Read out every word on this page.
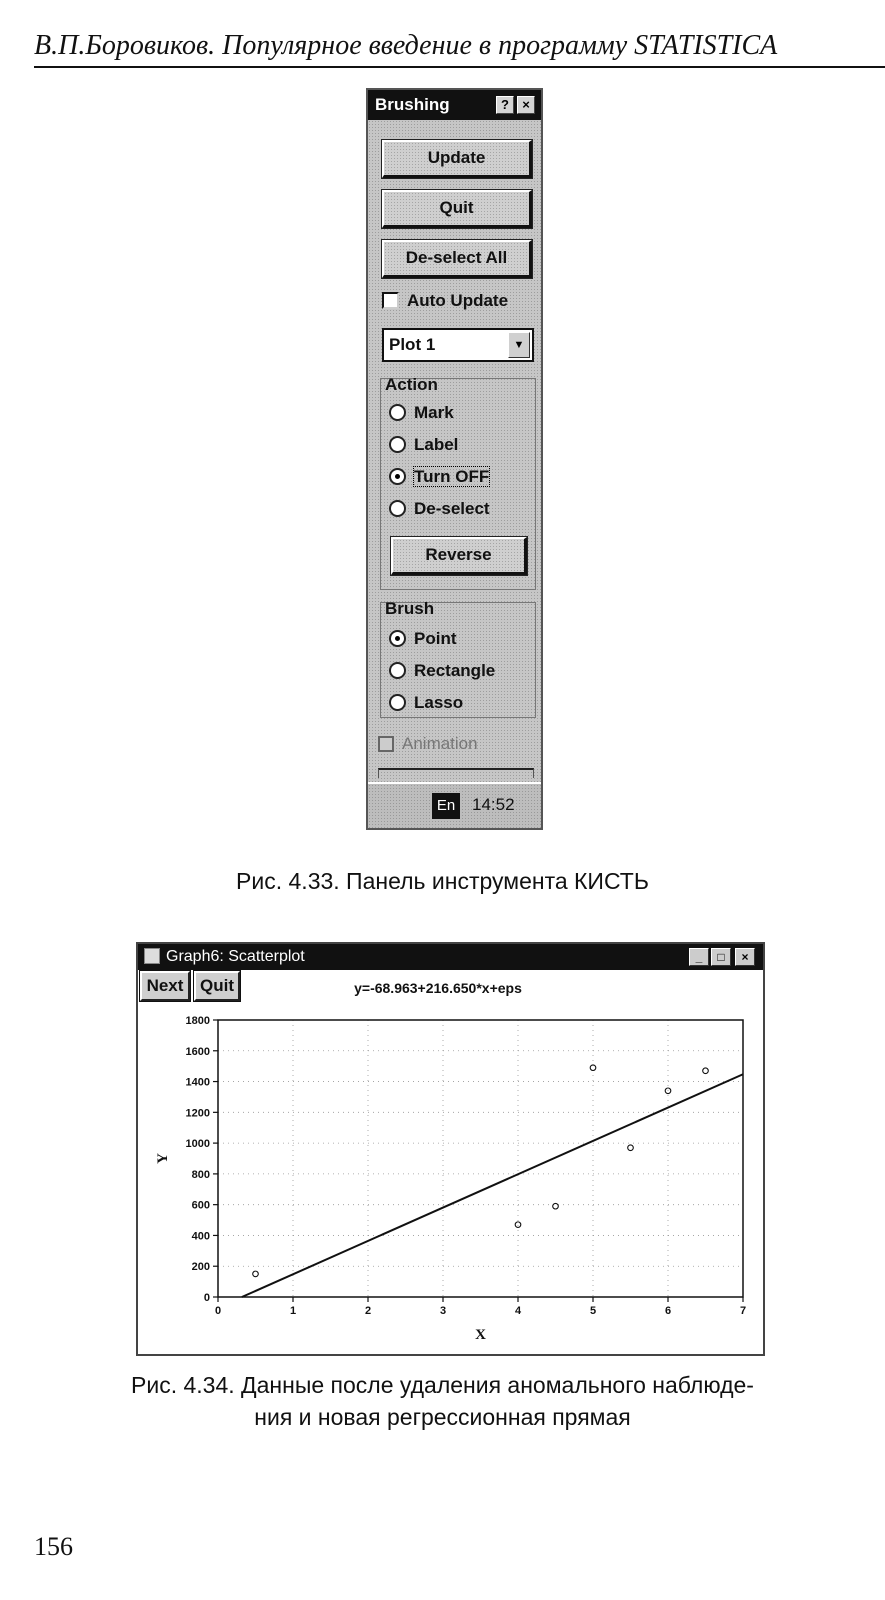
В.П.Боровиков. Популярное введение в программу STATISTICA
Brushing	?	×
Update
Quit
De-select All
Auto Update
Plot 1	▼
Action
Mark
Label
Turn OFF
De-select
Reverse
Brush
Point
Rectangle
Lasso
Animation
En 14:52
Рис. 4.33. Панель инструмента КИСТЬ
Graph6: Scatterplot	_	□	×
Next Quit	y=-68.963+216.650*x+eps
0	1	2	3	4	5	6	7
0
200
400
600
800
1000
1200
1400
1600
1800
X
Y
Рис. 4.34. Данные после удаления аномального наблюде-
ния и новая регрессионная прямая
156
